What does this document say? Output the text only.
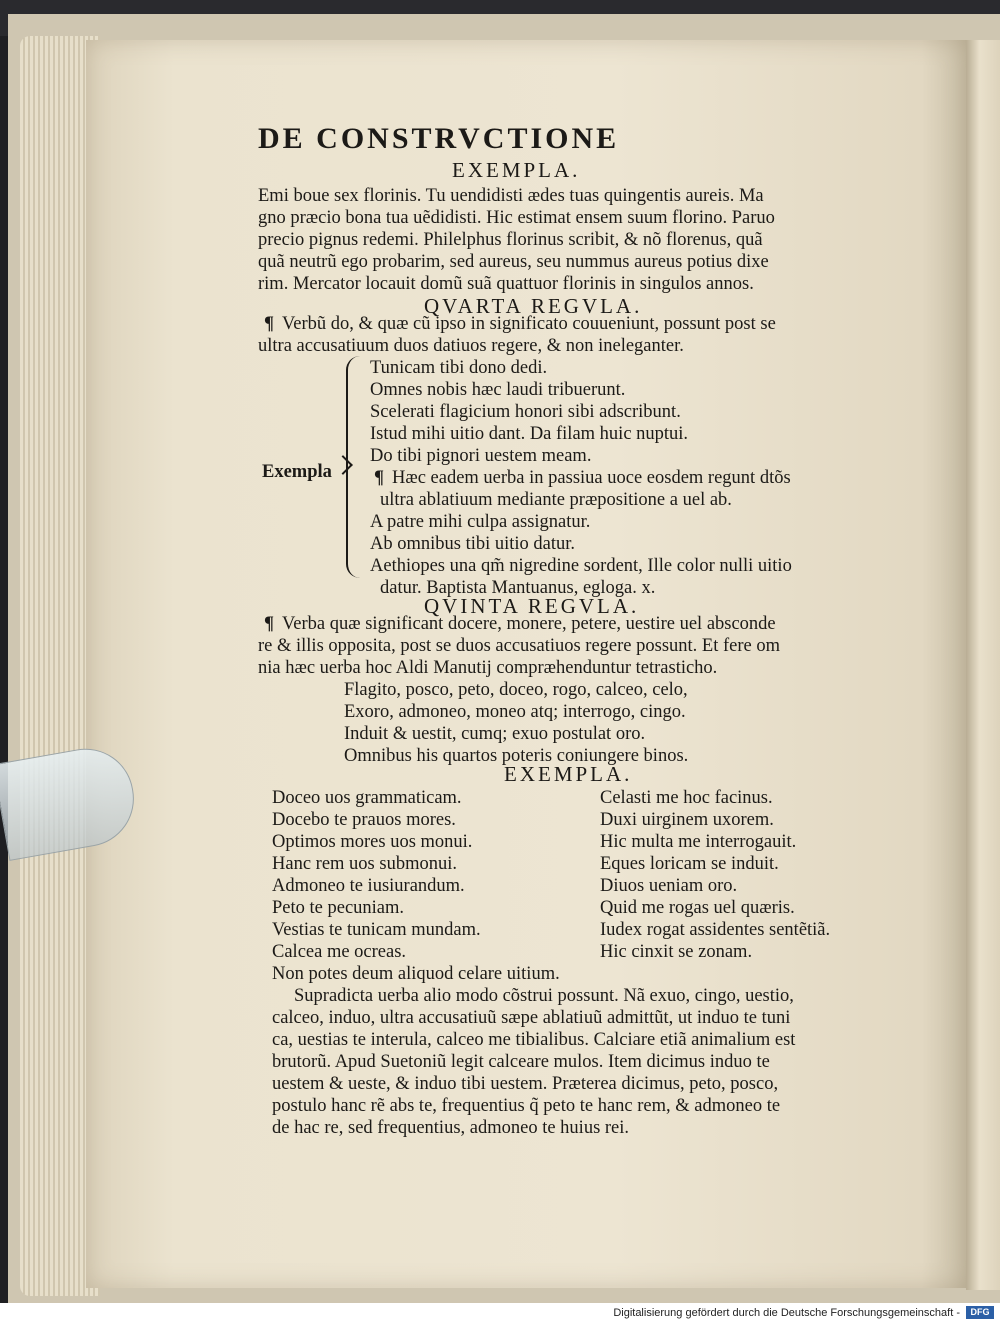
DE CONSTRVCTIONE
EXEMPLA.
Emi boue sex florinis. Tu uendidisti ædes tuas quingentis aureis. Ma
gno præcio bona tua uẽdidisti. Hic estimat ensem suum florino. Paruo
precio pignus redemi. Philelphus florinus scribit, & nõ florenus, quã
quã neutrũ ego probarim, sed aureus, seu nummus aureus potius dixe
rim. Mercator locauit domũ suã quattuor florinis in singulos annos.
QVARTA REGVLA.
¶ Verbũ do, & quæ cũ ipso in significato couueniunt, possunt post se
ultra accusatiuum duos datiuos regere, & non ineleganter.
Exempla
Tunicam tibi dono dedi.
Omnes nobis hæc laudi tribuerunt.
Scelerati flagicium honori sibi adscribunt.
Istud mihi uitio dant. Da filam huic nuptui.
Do tibi pignori uestem meam.
¶ Hæc eadem uerba in passiua uoce eosdem regunt dtõs
ultra ablatiuum mediante præpositione a uel ab.
A patre mihi culpa assignatur.
Ab omnibus tibi uitio datur.
Aethiopes una qm̃ nigredine sordent, Ille color nulli uitio
datur. Baptista Mantuanus, egloga. x.
QVINTA REGVLA.
¶ Verba quæ significant docere, monere, petere, uestire uel absconde
re & illis opposita, post se duos accusatiuos regere possunt. Et fere om
nia hæc uerba hoc Aldi Manutij compræhenduntur tetrasticho.
Flagito, posco, peto, doceo, rogo, calceo, celo,
Exoro, admoneo, moneo atq; interrogo, cingo.
Induit & uestit, cumq; exuo postulat oro.
Omnibus his quartos poteris coniungere binos.
EXEMPLA.
Doceo uos grammaticam.
Docebo te prauos mores.
Optimos mores uos monui.
Hanc rem uos submonui.
Admoneo te iusiurandum.
Peto te pecuniam.
Vestias te tunicam mundam.
Calcea me ocreas.
Celasti me hoc facinus.
Duxi uirginem uxorem.
Hic multa me interrogauit.
Eques loricam se induit.
Diuos ueniam oro.
Quid me rogas uel quæris.
Iudex rogat assidentes sentẽtiã.
Hic cinxit se zonam.
Non potes deum aliquod celare uitium.
Supradicta uerba alio modo cõstrui possunt. Nã exuo, cingo, uestio,
calceo, induo, ultra accusatiuũ sæpe ablatiuũ admittũt, ut induo te tuni
ca, uestias te interula, calceo me tibialibus. Calciare etiã animalium est
brutorũ. Apud Suetoniũ legit calceare mulos. Item dicimus induo te
uestem & ueste, & induo tibi uestem. Præterea dicimus, peto, posco,
postulo hanc rẽ abs te, frequentius q̃ peto te hanc rem, & admoneo te
de hac re, sed frequentius, admoneo te huius rei.
Digitalisierung gefördert durch die Deutsche Forschungsgemeinschaft -	DFG
